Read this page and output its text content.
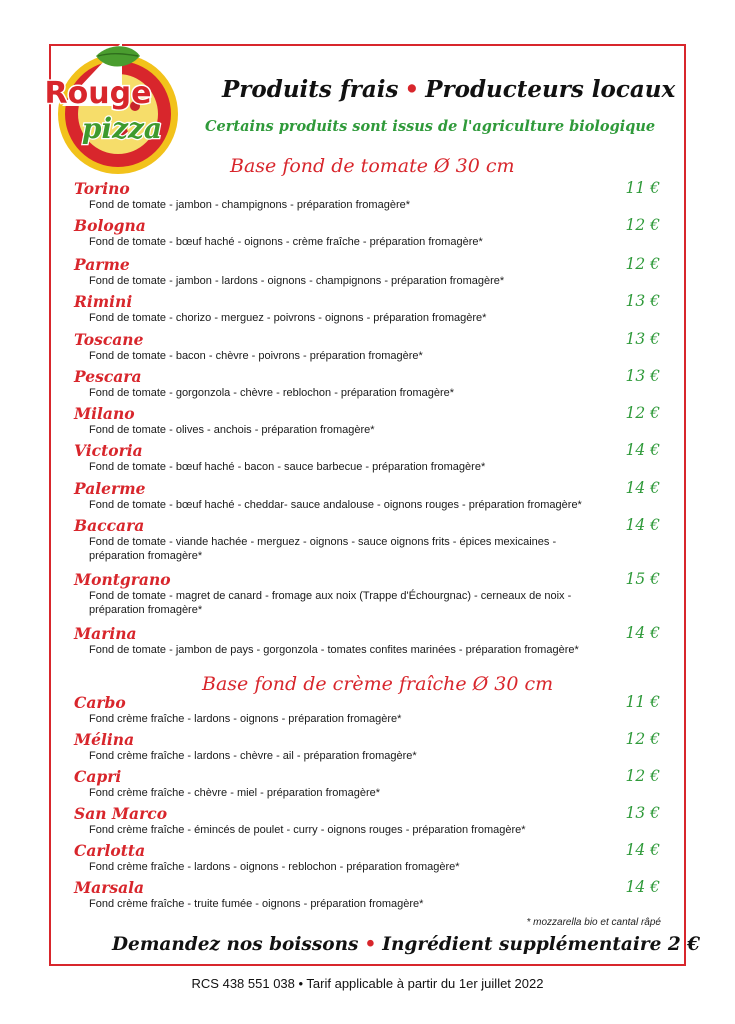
Rouge
pizza
Produits frais • Producteurs locaux
Certains produits sont issus de l'agriculture biologique
Base fond de tomate Ø 30 cm
Torino
Fond de tomate - jambon - champignons - préparation fromagère*
11 €
Bologna
Fond de tomate - bœuf haché - oignons - crème fraîche - préparation fromagère*
12 €
Parme
Fond de tomate - jambon - lardons - oignons - champignons - préparation fromagère*
12 €
Rimini
Fond de tomate - chorizo - merguez - poivrons - oignons - préparation fromagère*
13 €
Toscane
Fond de tomate - bacon - chèvre - poivrons - préparation fromagère*
13 €
Pescara
Fond de tomate - gorgonzola - chèvre - reblochon - préparation fromagère*
13 €
Milano
Fond de tomate - olives - anchois - préparation fromagère*
12 €
Victoria
Fond de tomate - bœuf haché - bacon - sauce barbecue - préparation fromagère*
14 €
Palerme
Fond de tomate - bœuf haché - cheddar- sauce andalouse - oignons rouges - préparation fromagère*
14 €
Baccara
Fond de tomate - viande hachée - merguez - oignons - sauce oignons frits - épices mexicaines - préparation fromagère*
14 €
Montgrano
Fond de tomate - magret de canard - fromage aux noix (Trappe d'Échourgnac) - cerneaux de noix - préparation fromagère*
15 €
Marina
Fond de tomate - jambon de pays - gorgonzola - tomates confites marinées - préparation fromagère*
14 €
Base fond de crème fraîche Ø 30 cm
Carbo
Fond crème fraîche - lardons - oignons - préparation fromagère*
11 €
Mélina
Fond crème fraîche - lardons - chèvre - ail - préparation fromagère*
12 €
Capri
Fond crème fraîche - chèvre - miel - préparation fromagère*
12 €
San Marco
Fond crème fraîche - émincés de poulet - curry - oignons rouges - préparation fromagère*
13 €
Carlotta
Fond crème fraîche - lardons - oignons - reblochon - préparation fromagère*
14 €
Marsala
Fond crème fraîche - truite fumée - oignons - préparation fromagère*
14 €
* mozzarella bio et cantal râpé
Demandez nos boissons • Ingrédient supplémentaire 2 €
RCS 438 551 038 • Tarif applicable à partir du 1er juillet 2022
